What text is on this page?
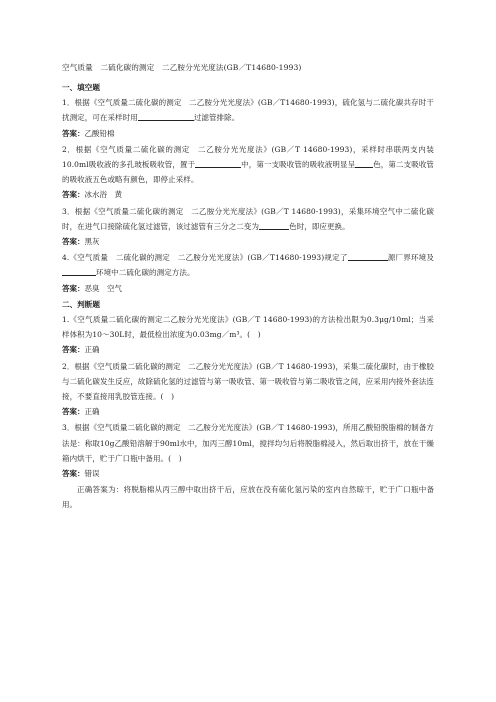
空气质量　二硫化碳的测定　二乙胺分光光度法(GB／T14680-1993)
一、填空题

1．根据《空气质量二硫化碳的测定　二乙胺分光光度法》(GB／T14680-1993)，硫化氢与二硫化碳共存时干扰测定，可在采样时用	过滤管排除。

答案：乙酸铅棉

2．根据《空气质量二硫化碳的测定　二乙胺分光光度法》(GB／T 14680-1993)，采样时串联两支内装10.0ml吸收液的多孔玻板吸收管，置于	中，第一支吸收管的吸收液明显呈 色，第二支吸收管的吸收液五色或略有颜色，即停止采样。

答案：冰水浴　黄

3．根据《空气质量二硫化碳的测定　二乙胺分光光度法》(GB／T 14680-1993)，采集环境空气中二硫化碳时，在进气口接除硫化氢过滤管，该过滤管有三分之二变为	色时，即应更换。

答案：黑灰

4.《空气质量　二硫化碳的测定　二乙胺分光光度法》(GB／T14680-1993)规定了	源厂界环境及环境中二硫化碳的测定方法。

答案：恶臭　空气

二、判断题

1.《空气质量二硫化碳的测定二乙胺分光光度法》(GB／T 14680-1993)的方法检出限为0.3μg/10ml；当采样体积为10～30L时，最低检出浓度为0.03mg／m³。(　)

答案：正确

2．根据《空气质量二硫化碳的测定　二乙胺分光光度法》(GB／T 14680-1993)，采集二硫化碳时，由于橡胶与二硫化碳发生反应，故除硫化氢的过滤管与第一吸收管、第一吸收管与第二吸收管之间，应采用内接外套法连接，不要直接用乳胶管连接。(　)

答案：正确

3．根据《空气质量二硫化碳的测定　二乙胺分光光度法》(GB／T 14680-1993)，所用乙酸铅脱脂棉的制备方法是：称取10g乙酸铅溶解于90ml水中，加丙三醇10ml，搅拌均匀后将脱脂棉浸入，然后取出挤干，放在干燥箱内烘干，贮于广口瓶中备用。(　)

答案：错误

正确答案为：将脱脂棉从丙三醇中取出挤干后，应放在没有硫化氢污染的室内自然晾干，贮于广口瓶中备用。
